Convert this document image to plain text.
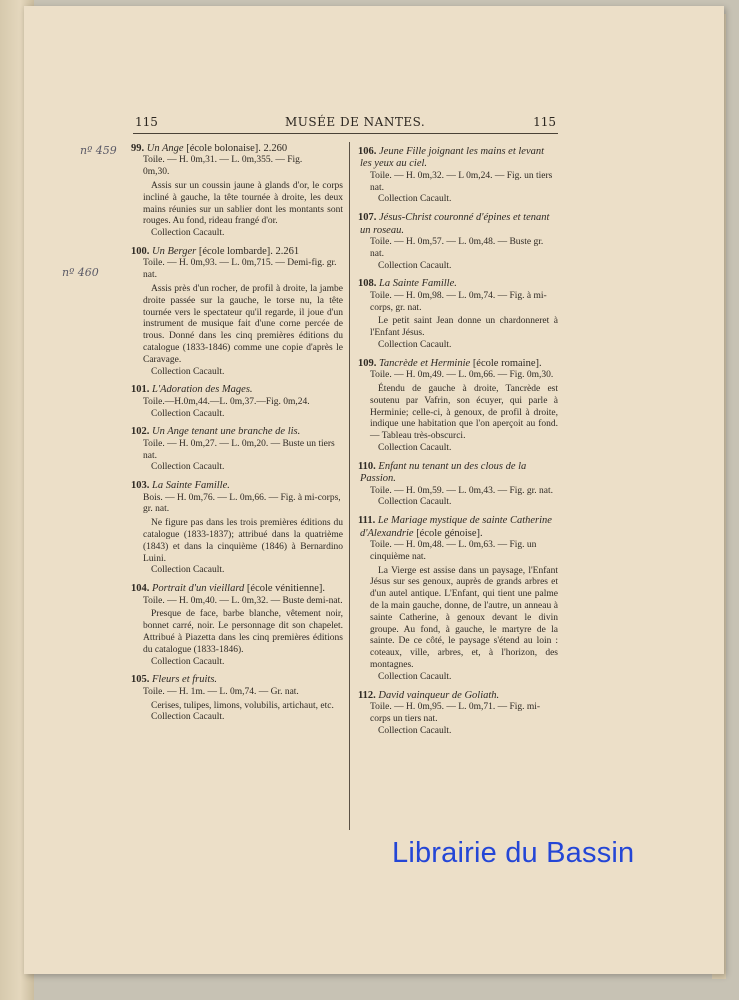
115	MUSÉE DE NANTES.	115
nº 459
nº 460
99. Un Ange [école bolonaise]. 2.260
Toile. — H. 0m,31. — L. 0m,355. — Fig.
0m,30.
Assis sur un coussin jaune à glands d'or, le corps incliné à gauche, la tête tournée à droite, les deux mains réunies sur un sablier dont les montants sont rouges. Au fond, rideau frangé d'or.
Collection Cacault.
100. Un Berger [école lombarde]. 2.261
Toile. — H. 0m,93. — L. 0m,715. — Demi-fig. gr. nat.
Assis près d'un rocher, de profil à droite, la jambe droite passée sur la gauche, le torse nu, la tête tournée vers le spectateur qu'il regarde, il joue d'un instrument de musique fait d'une corne percée de trous. Donné dans les cinq premières éditions du catalogue (1833-1846) comme une copie d'après le Caravage.
Collection Cacault.
101. L'Adoration des Mages.
Toile.—H.0m,44.—L. 0m,37.—Fig. 0m,24.
Collection Cacault.
102. Un Ange tenant une branche de lis.
Toile. — H. 0m,27. — L. 0m,20. — Buste un tiers nat.
Collection Cacault.
103. La Sainte Famille.
Bois. — H. 0m,76. — L. 0m,66. — Fig. à mi-corps, gr. nat.
Ne figure pas dans les trois premières éditions du catalogue (1833-1837); attribué dans la quatrième (1843) et dans la cinquième (1846) à Bernardino Luini.
Collection Cacault.
104. Portrait d'un vieillard [école vénitienne].
Toile. — H. 0m,40. — L. 0m,32. — Buste demi-nat.
Presque de face, barbe blanche, vêtement noir, bonnet carré, noir. Le personnage dit son chapelet. Attribué à Piazetta dans les cinq premières éditions du catalogue (1833-1846).
Collection Cacault.
105. Fleurs et fruits.
Toile. — H. 1m. — L. 0m,74. — Gr. nat.
Cerises, tulipes, limons, volubilis, artichaut, etc.
Collection Cacault.
106. Jeune Fille joignant les mains et levant les yeux au ciel.
Toile. — H. 0m,32. — L 0m,24. — Fig. un tiers nat.
Collection Cacault.
107. Jésus-Christ couronné d'épines et tenant un roseau.
Toile. — H. 0m,57. — L. 0m,48. — Buste gr. nat.
Collection Cacault.
108. La Sainte Famille.
Toile. — H. 0m,98. — L. 0m,74. — Fig. à mi-corps, gr. nat.
Le petit saint Jean donne un chardonneret à l'Enfant Jésus.
Collection Cacault.
109. Tancrède et Herminie [école romaine].
Toile. — H. 0m,49. — L. 0m,66. — Fig. 0m,30.
Étendu de gauche à droite, Tancrède est soutenu par Vafrin, son écuyer, qui parle à Herminie; celle-ci, à genoux, de profil à droite, indique une habitation que l'on aperçoit au fond. — Tableau très-obscurci.
Collection Cacault.
110. Enfant nu tenant un des clous de la Passion.
Toile. — H. 0m,59. — L. 0m,43. — Fig. gr. nat.
Collection Cacault.
111. Le Mariage mystique de sainte Catherine d'Alexandrie [école génoise].
Toile. — H. 0m,48. — L. 0m,63. — Fig. un cinquième nat.
La Vierge est assise dans un paysage, l'Enfant Jésus sur ses genoux, auprès de grands arbres et d'un autel antique. L'Enfant, qui tient une palme de la main gauche, donne, de l'autre, un anneau à sainte Catherine, à genoux devant le divin groupe. Au fond, à gauche, le martyre de la sainte. De ce côté, le paysage s'étend au loin : coteaux, ville, arbres, et, à l'horizon, des montagnes.
Collection Cacault.
112. David vainqueur de Goliath.
Toile. — H. 0m,95. — L. 0m,71. — Fig. mi-corps un tiers nat.
Collection Cacault.
Librairie du Bassin
